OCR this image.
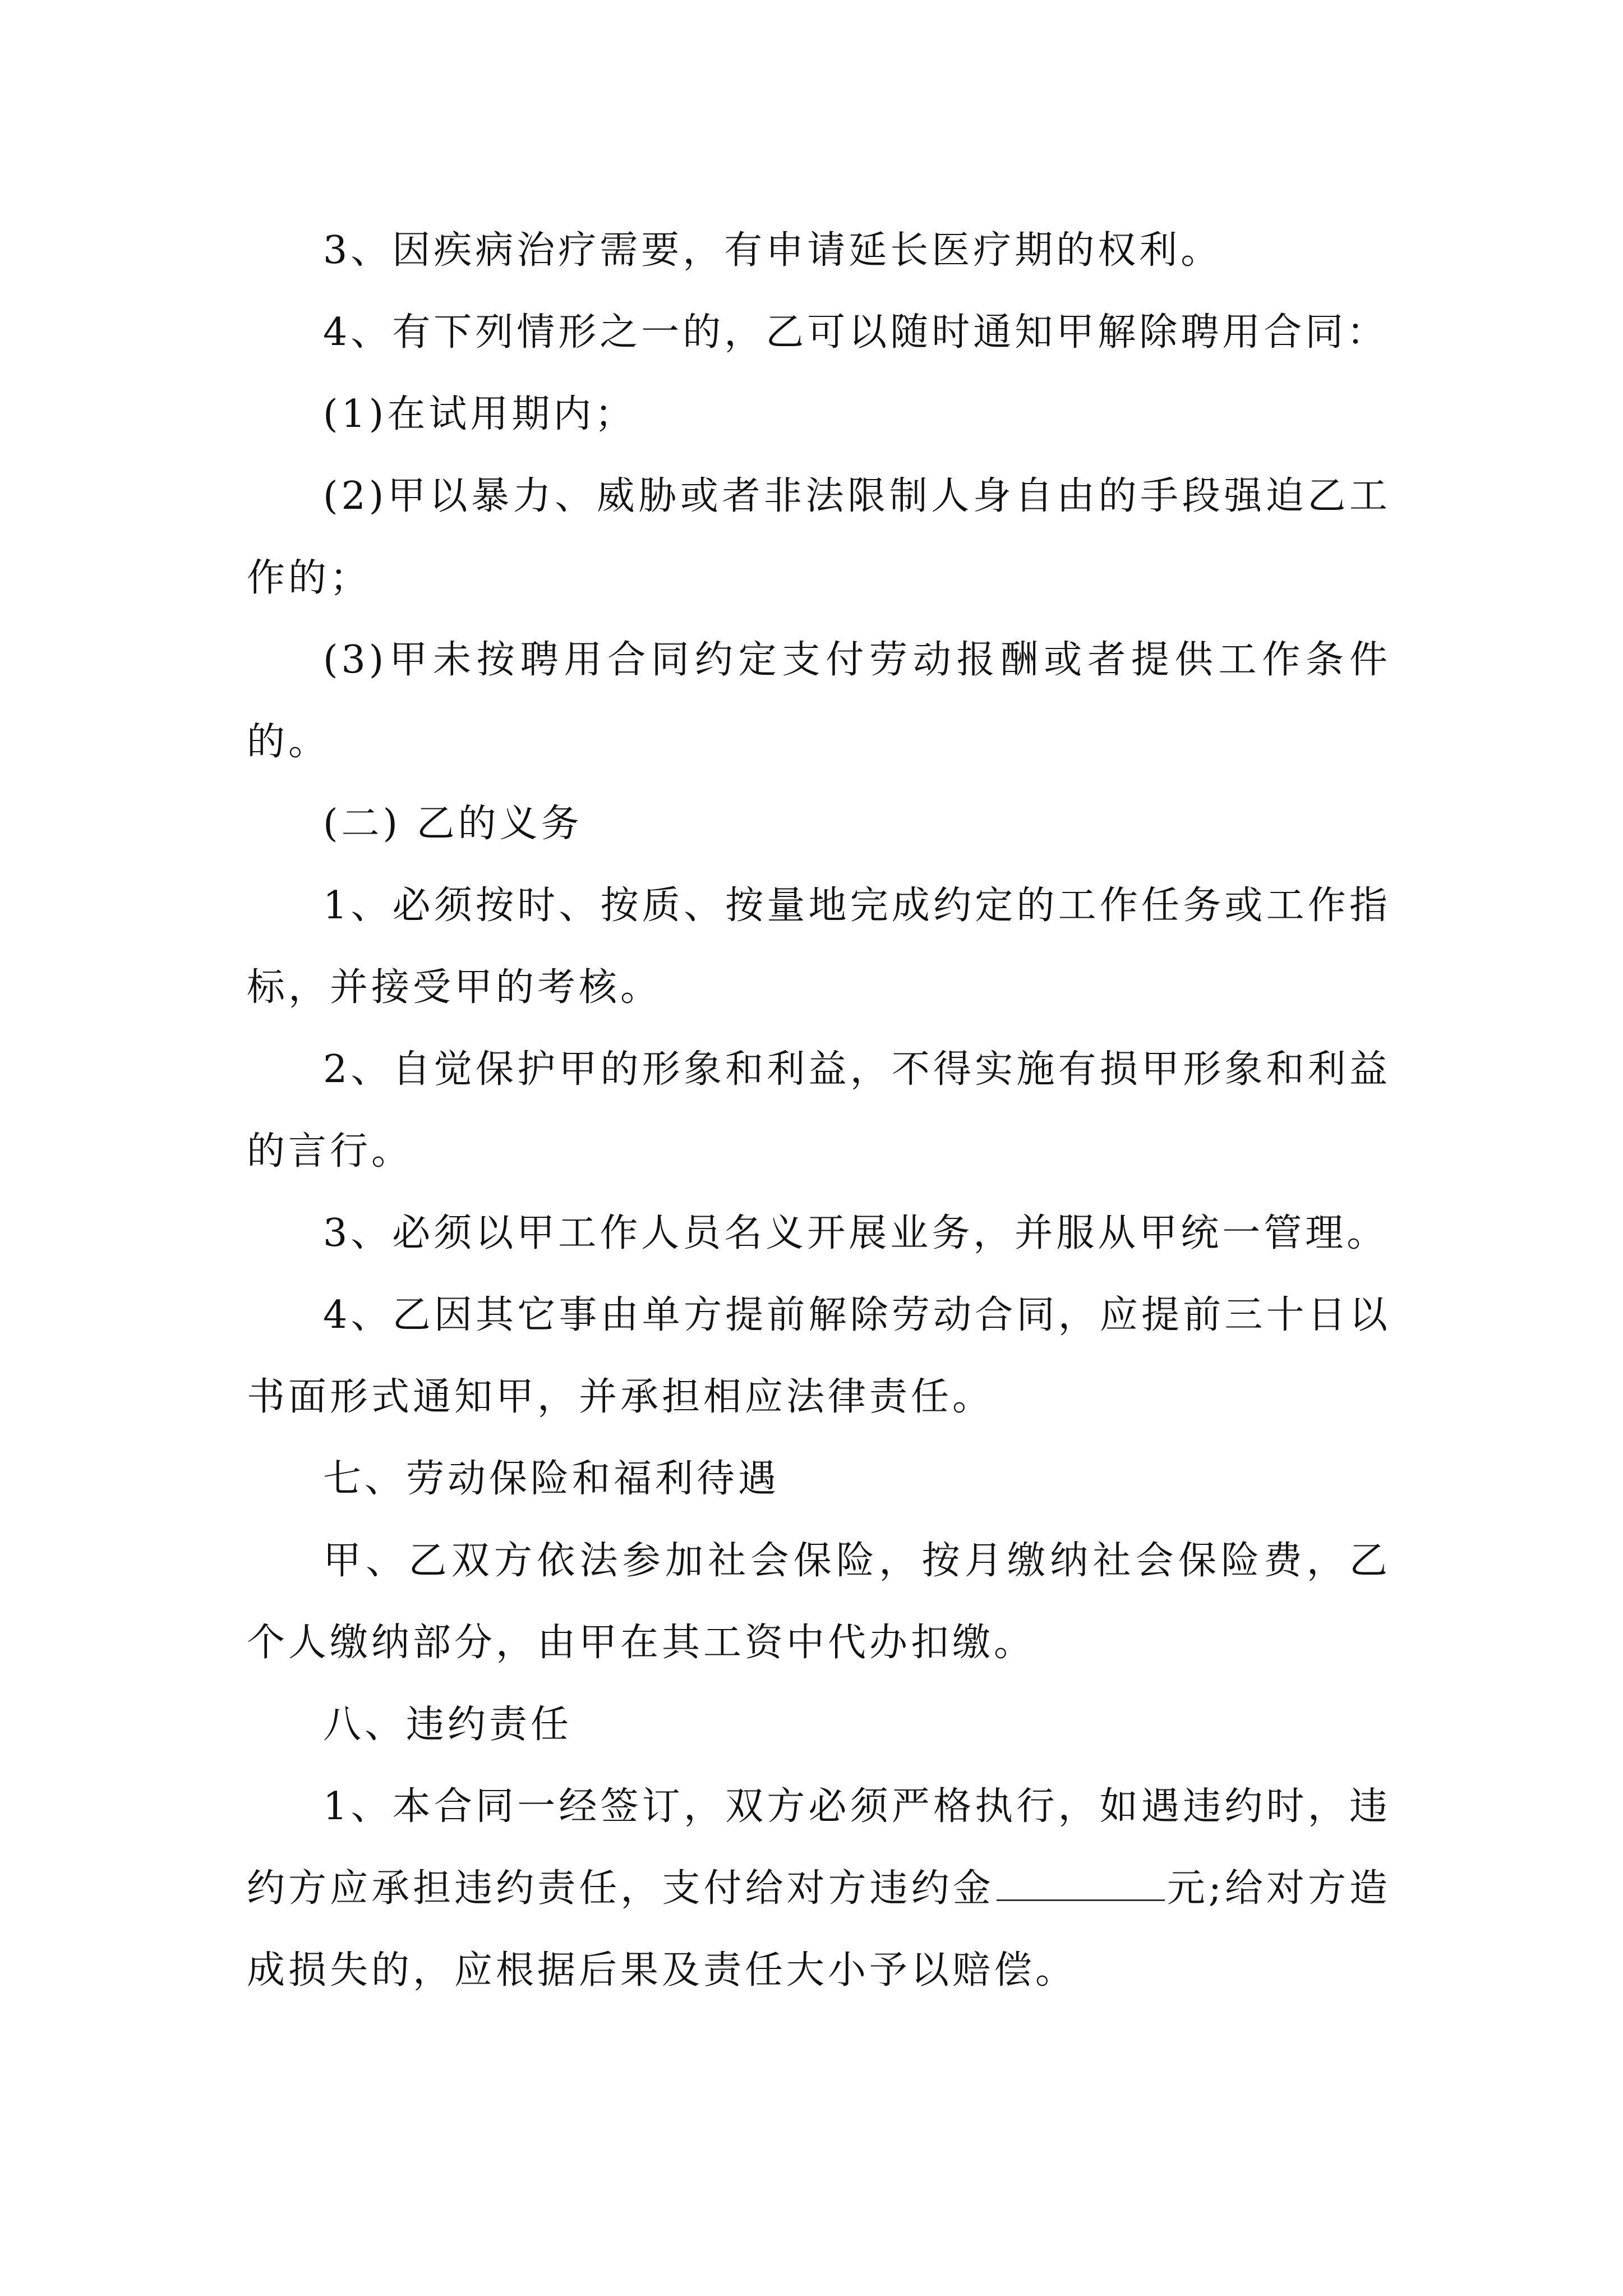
3、因疾病治疗需要，有申请延长医疗期的权利。

4、有下列情形之一的，乙可以随时通知甲解除聘用合同：

(1)在试用期内；

(2)甲以暴力、威胁或者非法限制人身自由的手段强迫乙工作的；

(3)甲未按聘用合同约定支付劳动报酬或者提供工作条件的。

(二) 乙的义务

1、必须按时、按质、按量地完成约定的工作任务或工作指标，并接受甲的考核。

2、自觉保护甲的形象和利益，不得实施有损甲形象和利益的言行。

3、必须以甲工作人员名义开展业务，并服从甲统一管理。

4、乙因其它事由单方提前解除劳动合同，应提前三十日以书面形式通知甲，并承担相应法律责任。

七、劳动保险和福利待遇

甲、乙双方依法参加社会保险，按月缴纳社会保险费，乙个人缴纳部分，由甲在其工资中代办扣缴。

八、违约责任

1、本合同一经签订，双方必须严格执行，如遇违约时，违约方应承担违约责任，支付给对方违约金	元;给对方造成损失的，应根据后果及责任大小予以赔偿。
